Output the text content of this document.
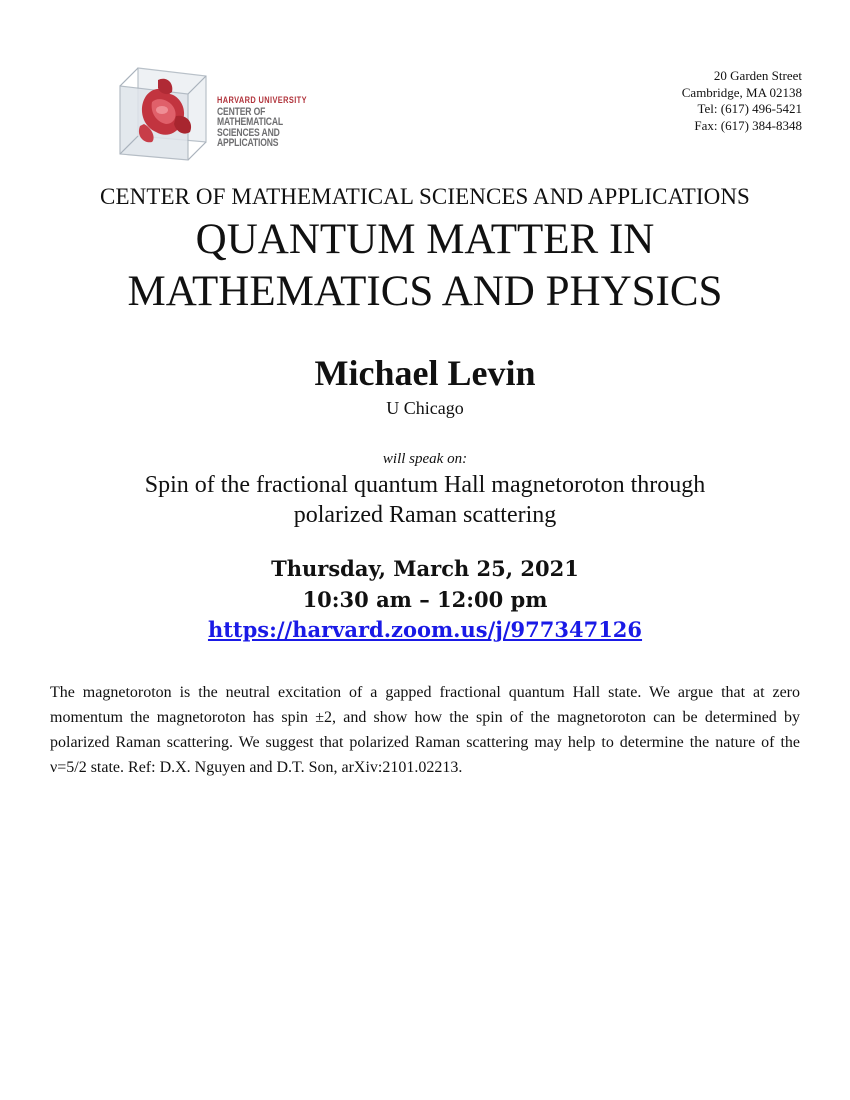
HARVARD UNIVERSITY
CENTER OF MATHEMATICAL
SCIENCES AND APPLICATIONS
20 Garden Street
Cambridge, MA 02138
Tel: (617) 496-5421
Fax: (617) 384-8348
CENTER OF MATHEMATICAL SCIENCES AND APPLICATIONS
QUANTUM MATTER IN
MATHEMATICS AND PHYSICS
Michael Levin
U Chicago
will speak on:
Spin of the fractional quantum Hall magnetoroton through
polarized Raman scattering
Thursday, March 25, 2021
10:30 am – 12:00 pm
https://harvard.zoom.us/j/977347126
The magnetoroton is the neutral excitation of a gapped fractional quantum Hall state. We argue that at zero momentum the magnetoroton has spin ±2, and show how the spin of the magnetoroton can be determined by polarized Raman scattering. We suggest that polarized Raman scattering may help to determine the nature of the ν=5/2 state. Ref: D.X. Nguyen and D.T. Son, arXiv:2101.02213.
